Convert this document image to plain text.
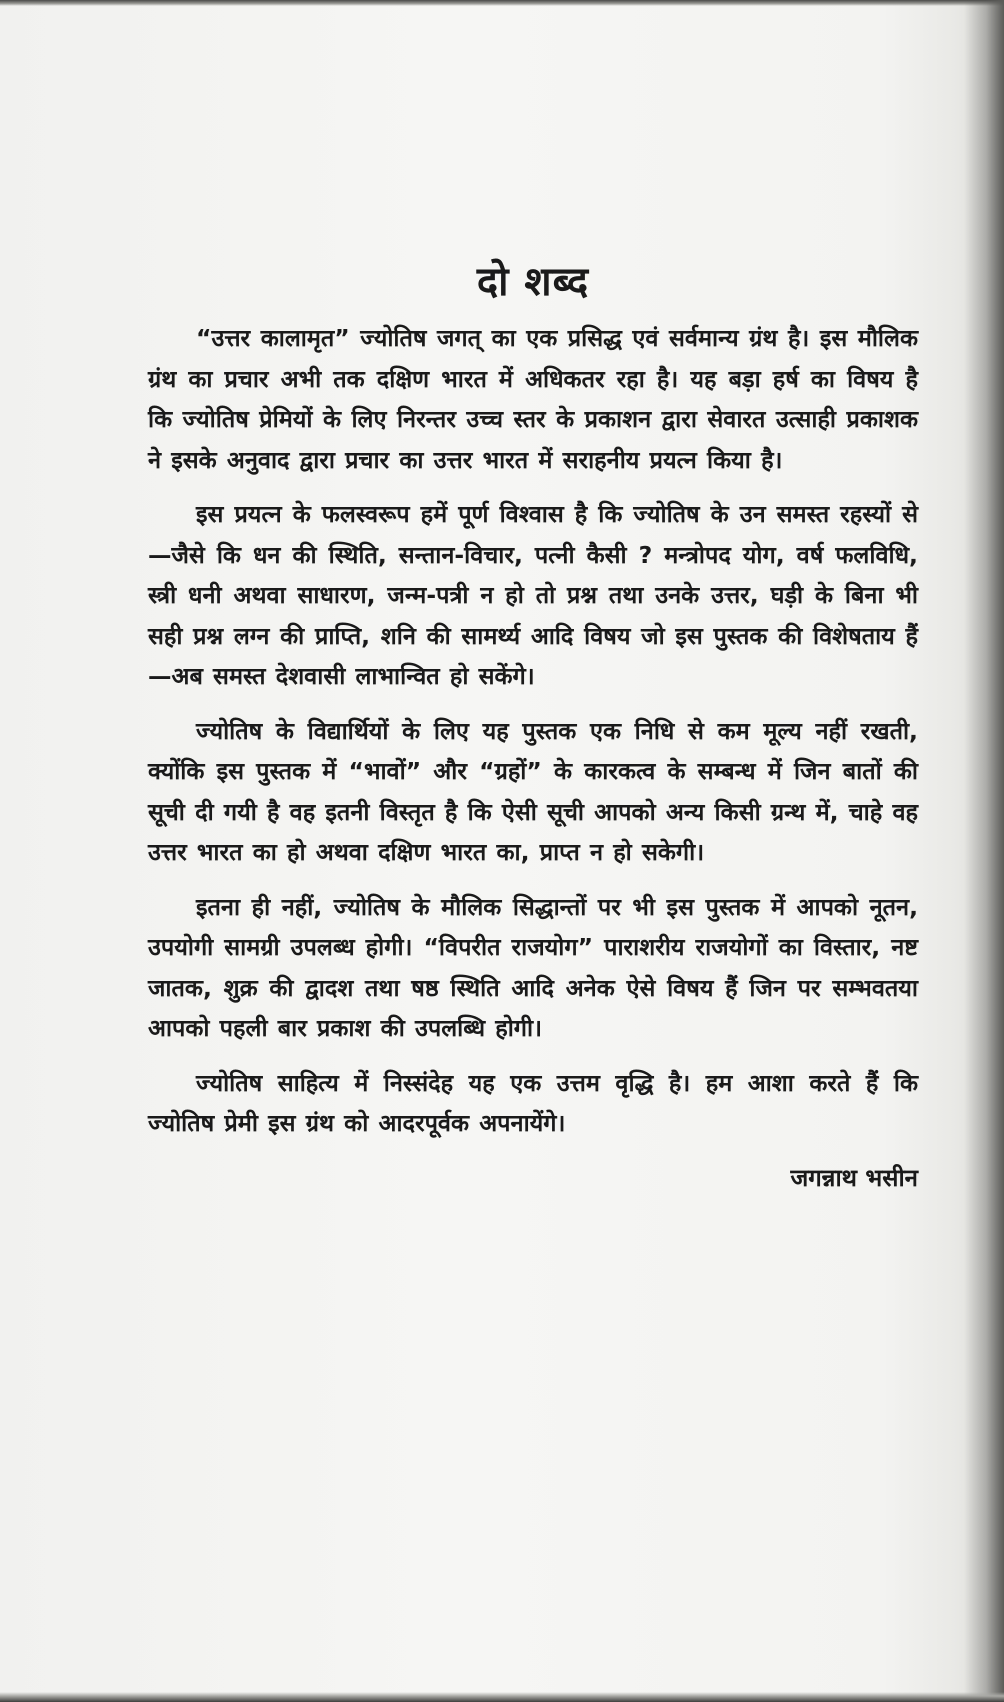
दो शब्द

“उत्तर कालामृत” ज्योतिष जगत् का एक प्रसिद्ध एवं सर्वमान्य ग्रंथ है। इस मौलिक ग्रंथ का प्रचार अभी तक दक्षिण भारत में अधिकतर रहा है। यह बड़ा हर्ष का विषय है कि ज्योतिष प्रेमियों के लिए निरन्तर उच्च स्तर के प्रकाशन द्वारा सेवारत उत्साही प्रकाशक ने इसके अनुवाद द्वारा प्रचार का उत्तर भारत में सराहनीय प्रयत्न किया है।

इस प्रयत्न के फलस्वरूप हमें पूर्ण विश्वास है कि ज्योतिष के उन समस्त रहस्यों से—जैसे कि धन की स्थिति, सन्तान-विचार, पत्नी कैसी ? मन्त्रोपद योग, वर्ष फलविधि, स्त्री धनी अथवा साधारण, जन्म-पत्री न हो तो प्रश्न तथा उनके उत्तर, घड़ी के बिना भी सही प्रश्न लग्न की प्राप्ति, शनि की सामर्थ्य आदि विषय जो इस पुस्तक की विशेषताय हैं—अब समस्त देशवासी लाभान्वित हो सकेंगे।

ज्योतिष के विद्यार्थियों के लिए यह पुस्तक एक निधि से कम मूल्य नहीं रखती, क्योंकि इस पुस्तक में “भावों” और “ग्रहों” के कारकत्व के सम्बन्ध में जिन बातों की सूची दी गयी है वह इतनी विस्तृत है कि ऐसी सूची आपको अन्य किसी ग्रन्थ में, चाहे वह उत्तर भारत का हो अथवा दक्षिण भारत का, प्राप्त न हो सकेगी।

इतना ही नहीं, ज्योतिष के मौलिक सिद्धान्तों पर भी इस पुस्तक में आपको नूतन, उपयोगी सामग्री उपलब्ध होगी। “विपरीत राजयोग” पाराशरीय राजयोगों का विस्तार, नष्ट जातक, शुक्र की द्वादश तथा षष्ठ स्थिति आदि अनेक ऐसे विषय हैं जिन पर सम्भवतया आपको पहली बार प्रकाश की उपलब्धि होगी।

ज्योतिष साहित्य में निस्संदेह यह एक उत्तम वृद्धि है। हम आशा करते हैं कि ज्योतिष प्रेमी इस ग्रंथ को आदरपूर्वक अपनायेंगे।

जगन्नाथ भसीन
